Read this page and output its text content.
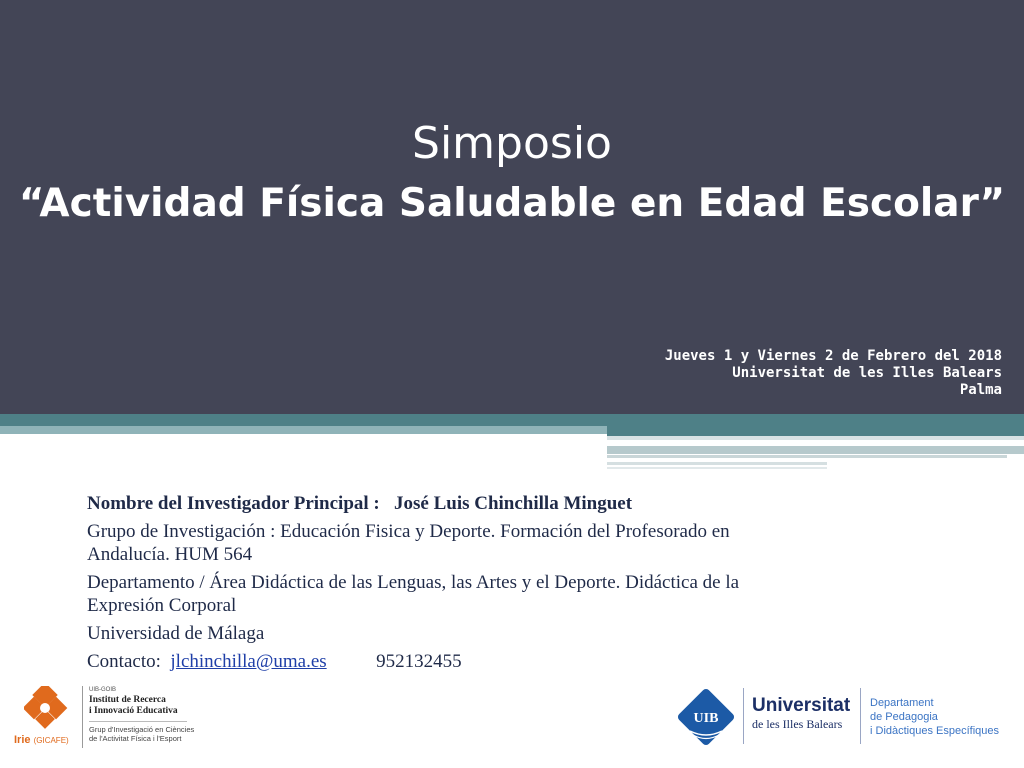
Simposio
“Actividad Física Saludable en Edad Escolar”
Jueves 1 y Viernes 2 de Febrero del 2018
Universitat de les Illes Balears
Palma
Nombre del Investigador Principal : José Luis Chinchilla Minguet
Grupo de Investigación : Educación Fisica y Deporte. Formación del Profesorado en
Andalucía. HUM 564
Departamento / Área Didáctica de las Lenguas, las Artes y el Deporte. Didáctica de la
Expresión Corporal
Universidad de Málaga
Contacto: jlchinchilla@uma.es	952132455
Irie (GICAFE)
UIB-GOIB
Institut de Recerca
i Innovació Educativa
Grup d'Investigació en Ciències
de l'Activitat Física i l'Esport
UIB
Universitat
de les Illes Balears
Departament
de Pedagogia
i Didàctiques Específiques
